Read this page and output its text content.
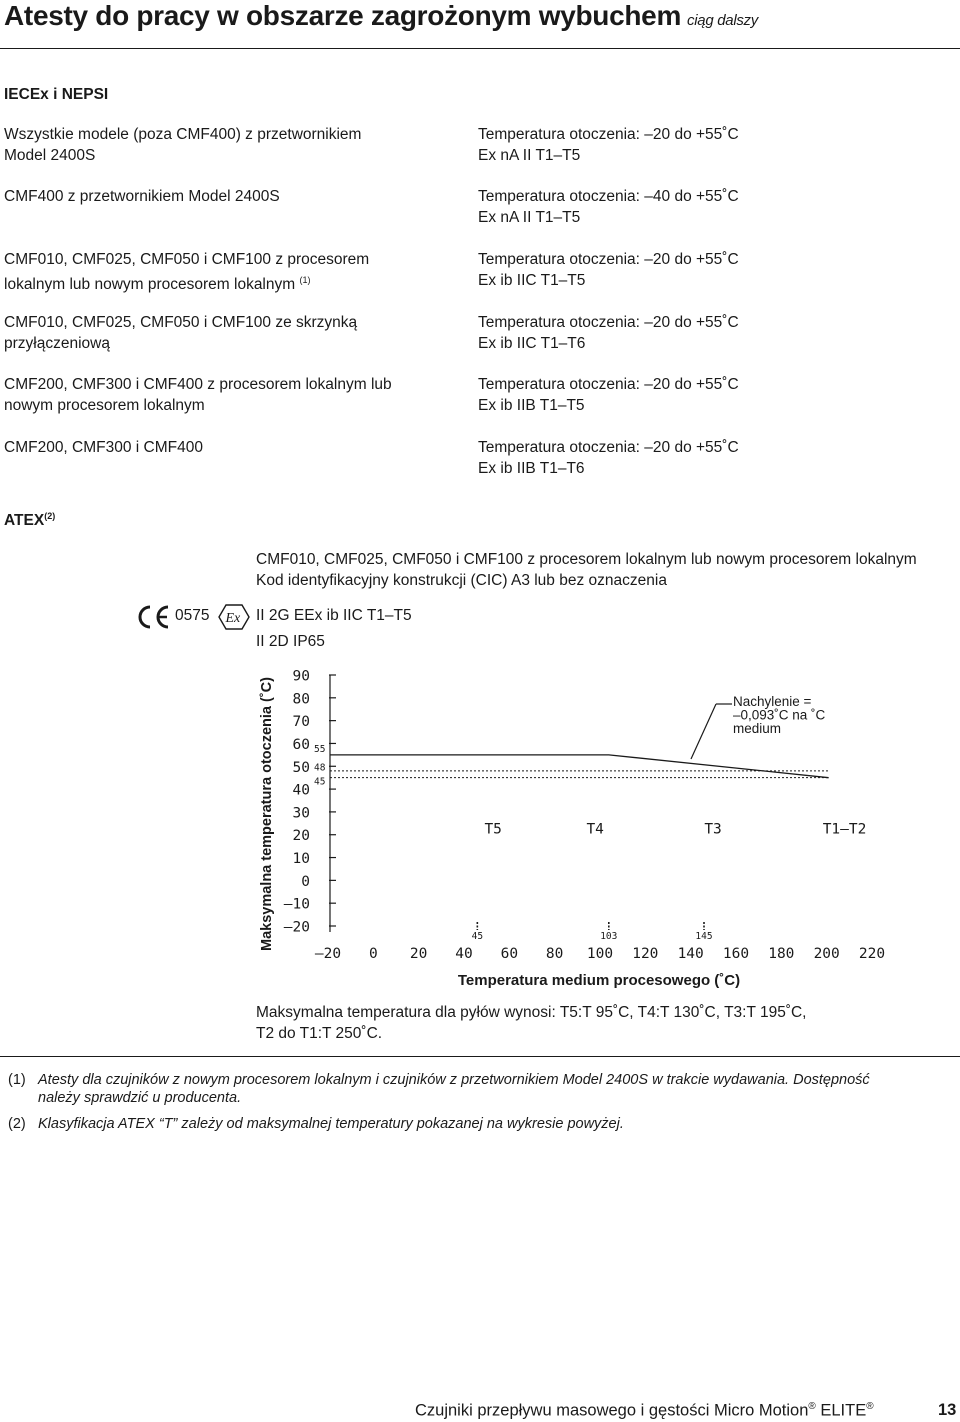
Atesty do pracy w obszarze zagrożonym wybuchem ciąg dalszy
IECEx i NEPSI
Wszystkie modele (poza CMF400) z przetwornikiem
Model 2400S
Temperatura otoczenia: –20 do +55˚C
Ex nA II T1–T5
CMF400 z przetwornikiem Model 2400S	Temperatura otoczenia: –40 do +55˚C
Ex nA II T1–T5
CMF010, CMF025, CMF050 i CMF100 z procesorem
lokalnym lub nowym procesorem lokalnym $^{(1)}$
Temperatura otoczenia: –20 do +55˚C
Ex ib IIC T1–T5
CMF010, CMF025, CMF050 i CMF100 ze skrzynką
przyłączeniową
Temperatura otoczenia: –20 do +55˚C
Ex ib IIC T1–T6
CMF200, CMF300 i CMF400 z procesorem lokalnym lub
nowym procesorem lokalnym
Temperatura otoczenia: –20 do +55˚C
Ex ib IIB T1–T5
CMF200, CMF300 i CMF400	Temperatura otoczenia: –20 do +55˚C
Ex ib IIB T1–T6
ATEX$^{(2)}$
CMF010, CMF025, CMF050 i CMF100 z procesorem lokalnym lub nowym procesorem lokalnym
Kod identyfikacyjny konstrukcji (CIC) A3 lub bez oznaczenia
0575 Ex II 2G EEx ib IIC T1–T5
II 2D IP65
Maksymalna temperatura otoczenia (˚C)
90
80
70
60
50
40
30
20
10
0
–10
–20
–20 0 20 40 60 80 100 120 140 160 180 200 220
45	103	145
48
45
55
T5	T4	T3	T1–T2
Nachylenie =
–0,093˚C na ˚C
medium
Temperatura medium procesowego (˚C)
Maksymalna temperatura dla pyłów wynosi: T5:T 95˚C, T4:T 130˚C, T3:T 195˚C,
T2 do T1:T 250˚C.
(1) Atesty dla czujników z nowym procesorem lokalnym i czujników z przetwornikiem Model 2400S w trakcie wydawania. Dostępność
należy sprawdzić u producenta.
(2) Klasyfikacja ATEX “T” zależy od maksymalnej temperatury pokazanej na wykresie powyżej.
Czujniki przepływu masowego i gęstości Micro Motion® ELITE®	13
